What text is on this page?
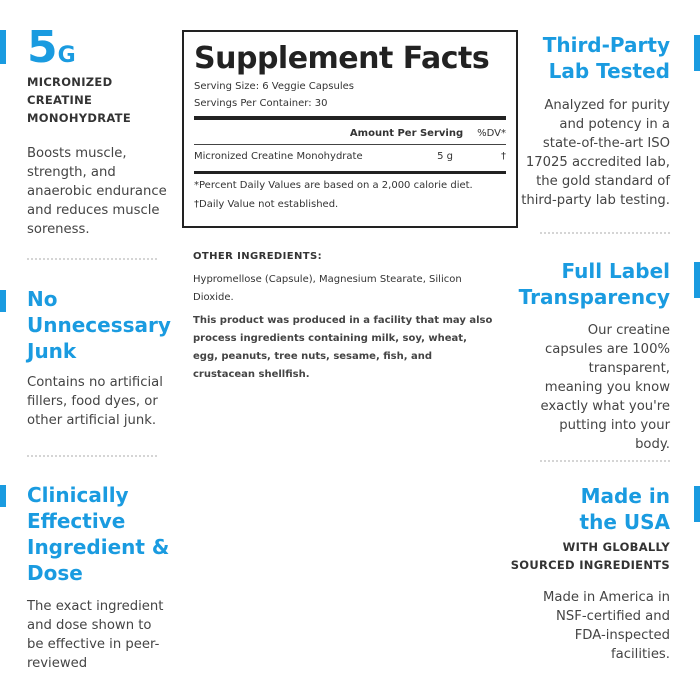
5G
MICRONIZED
CREATINE
MONOHYDRATE
Boosts muscle, strength, and anaerobic endurance and reduces muscle soreness.
No Unnecessary Junk
Contains no artificial fillers, food dyes, or other artificial junk.
Clinically Effective Ingredient & Dose
The exact ingredient and dose shown to be effective in peer-reviewed
Supplement Facts
Serving Size: 6 Veggie Capsules
Servings Per Container: 30
Amount Per Serving %DV*
Micronized Creatine Monohydrate	5 g	†
*Percent Daily Values are based on a 2,000 calorie diet.
†Daily Value not established.
OTHER INGREDIENTS:
Hypromellose (Capsule), Magnesium Stearate, Silicon Dioxide.
This product was produced in a facility that may also process ingredients containing milk, soy, wheat, egg, peanuts, tree nuts, sesame, fish, and crustacean shellfish.
Third-Party Lab Tested
Analyzed for purity and potency in a state-of-the-art ISO 17025 accredited lab, the gold standard of third-party lab testing.
Full Label Transparency
Our creatine capsules are 100% transparent, meaning you know exactly what you're putting into your body.
Made in the USA
WITH GLOBALLY SOURCED INGREDIENTS
Made in America in NSF-certified and FDA-inspected facilities.
